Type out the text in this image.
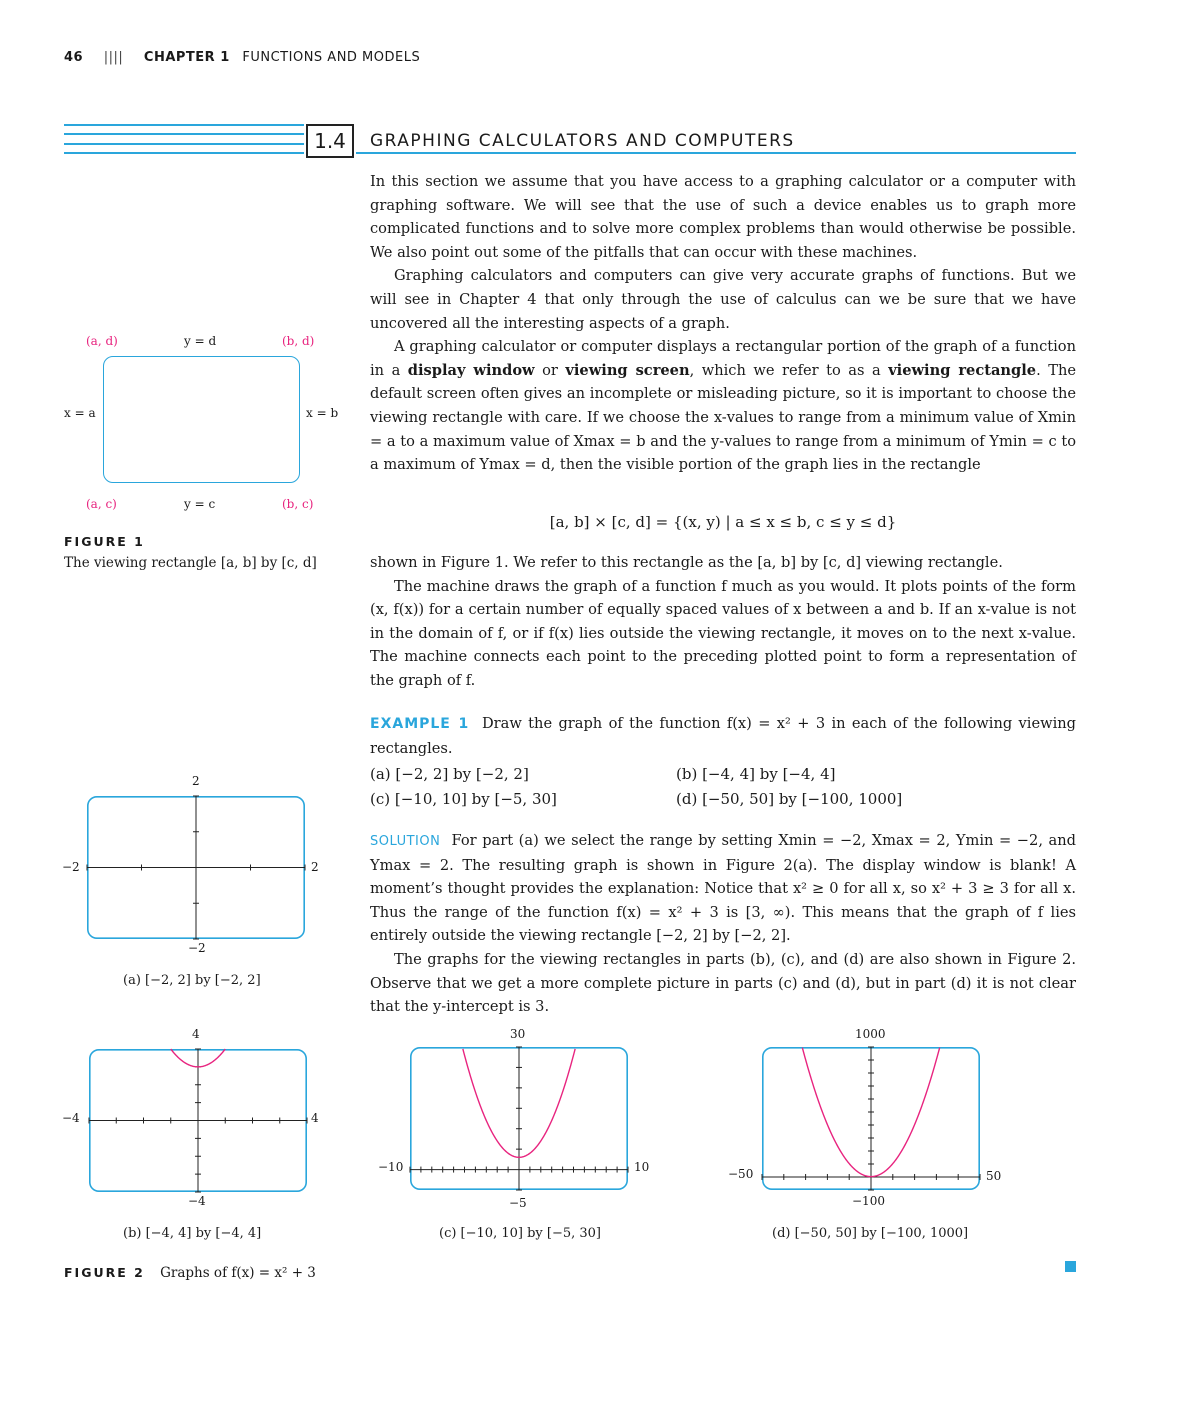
46 |||| CHAPTER 1 FUNCTIONS AND MODELS
1.4	GRAPHING CALCULATORS AND COMPUTERS

In this section we assume that you have access to a graphing calculator or a computer with graphing software. We will see that the use of such a device enables us to graph more complicated functions and to solve more complex problems than would otherwise be possible. We also point out some of the pitfalls that can occur with these machines.

Graphing calculators and computers can give very accurate graphs of functions. But we will see in Chapter 4 that only through the use of calculus can we be sure that we have uncovered all the interesting aspects of a graph.

A graphing calculator or computer displays a rectangular portion of the graph of a function in a display window or viewing screen, which we refer to as a viewing rectangle. The default screen often gives an incomplete or misleading picture, so it is important to choose the viewing rectangle with care. If we choose the x-values to range from a minimum value of Xmin = a to a maximum value of Xmax = b and the y-values to range from a minimum of Ymin = c to a maximum of Ymax = d, then the visible portion of the graph lies in the rectangle

[a, b] × [c, d] = {(x, y) | a ≤ x ≤ b, c ≤ y ≤ d}

shown in Figure 1. We refer to this rectangle as the [a, b] by [c, d] viewing rectangle.

The machine draws the graph of a function f much as you would. It plots points of the form (x, f(x)) for a certain number of equally spaced values of x between a and b. If an x-value is not in the domain of f, or if f(x) lies outside the viewing rectangle, it moves on to the next x-value. The machine connects each point to the preceding plotted point to form a representation of the graph of f.

EXAMPLE 1 Draw the graph of the function f(x) = x² + 3 in each of the following viewing rectangles.

(a) [−2, 2] by [−2, 2]	(b) [−4, 4] by [−4, 4]
(c) [−10, 10] by [−5, 30]	(d) [−50, 50] by [−100, 1000]

SOLUTION For part (a) we select the range by setting Xmin = −2, Xmax = 2, Ymin = −2, and Ymax = 2. The resulting graph is shown in Figure 2(a). The display window is blank! A moment’s thought provides the explanation: Notice that x² ≥ 0 for all x, so x² + 3 ≥ 3 for all x. Thus the range of the function f(x) = x² + 3 is [3, ∞). This means that the graph of f lies entirely outside the viewing rectangle [−2, 2] by [−2, 2].

The graphs for the viewing rectangles in parts (b), (c), and (d) are also shown in Figure 2. Observe that we get a more complete picture in parts (c) and (d), but in part (d) it is not clear that the y-intercept is 3.

(a, d)	(b, d)
(a, c)	(b, c)
y = d
y = c
x = a	x = b
FIGURE 1
The viewing rectangle [a, b] by [c, d]
2
−2
−2	2
(a) [−2, 2] by [−2, 2]
4
−4
−4	4
(b) [−4, 4] by [−4, 4]
30
−5
−10	10
(c) [−10, 10] by [−5, 30]
1000
−100
−50	50
(d) [−50, 50] by [−100, 1000]
FIGURE 2 Graphs of f(x) = x² + 3
